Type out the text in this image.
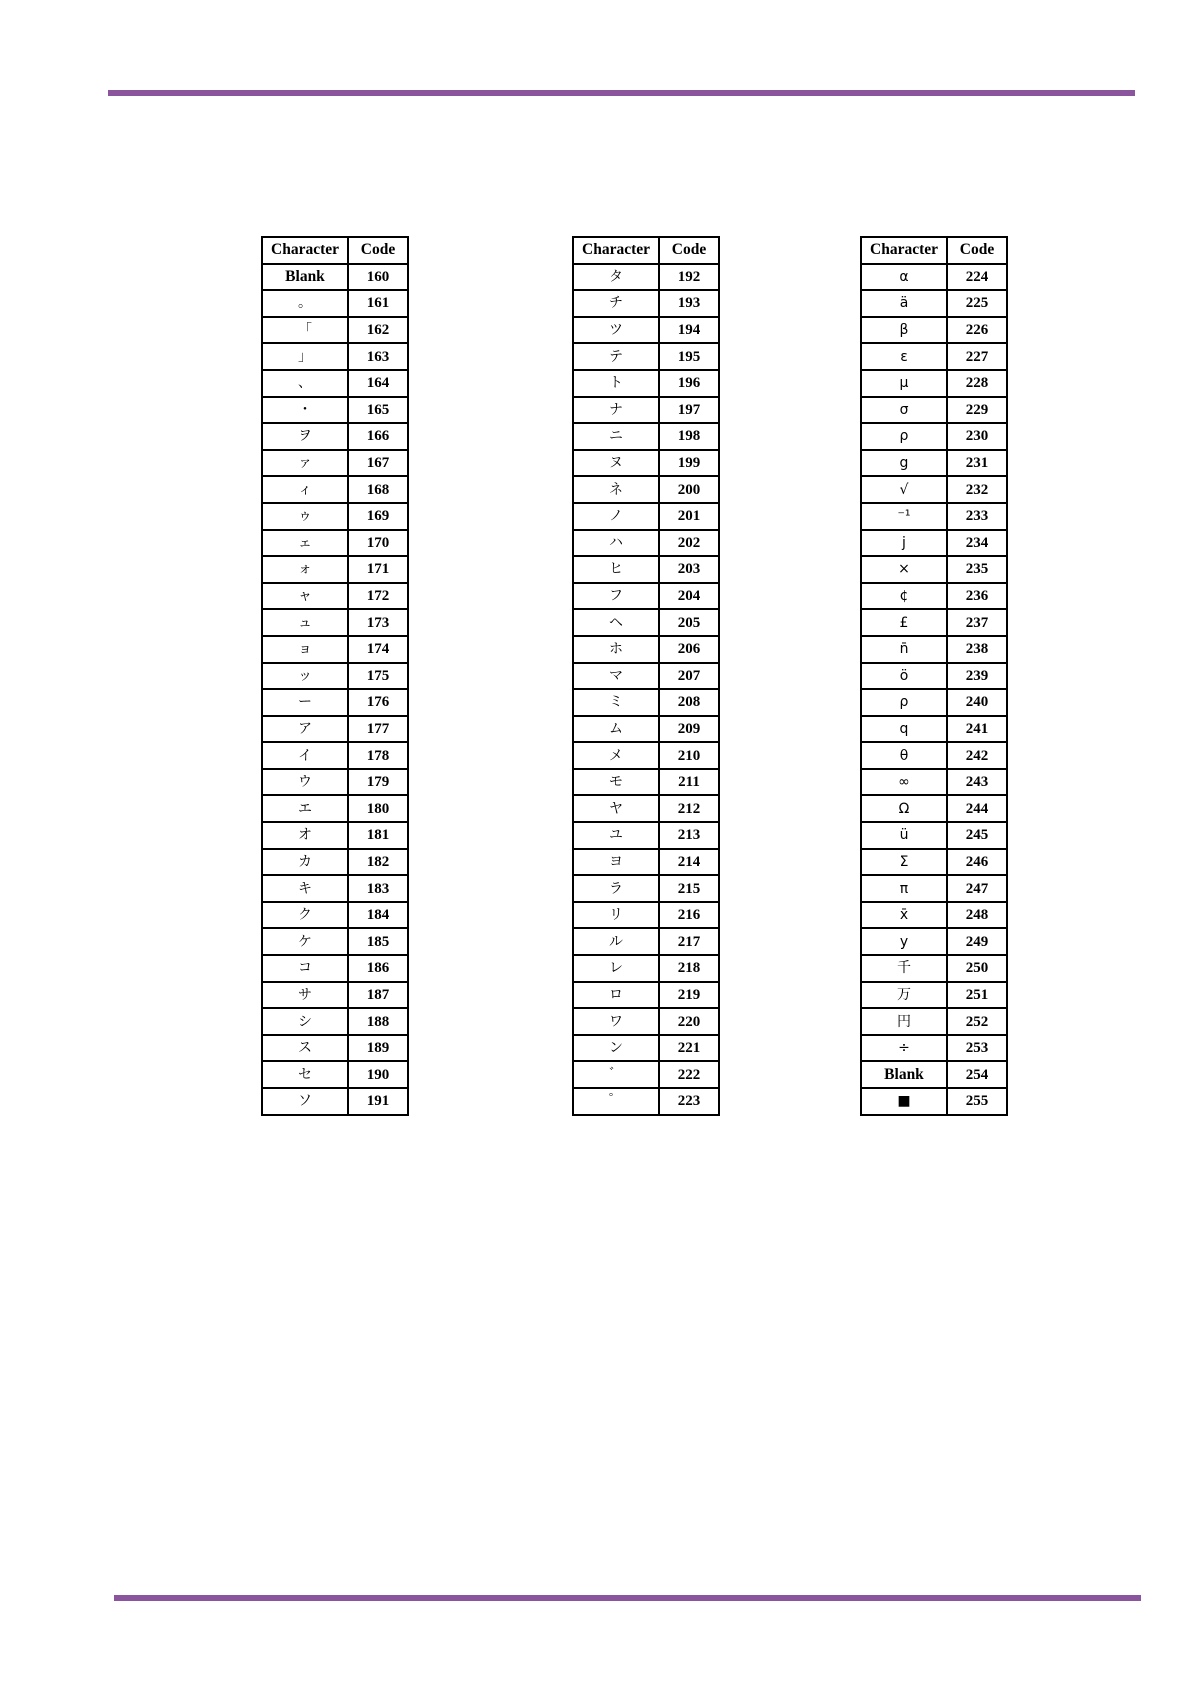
Character	Code
Blank	160
。	161
「	162
」	163
、	164
・	165
ヲ	166
ァ	167
ィ	168
ゥ	169
ェ	170
ォ	171
ャ	172
ュ	173
ョ	174
ッ	175
ー	176
ア	177
イ	178
ウ	179
エ	180
オ	181
カ	182
キ	183
ク	184
ケ	185
コ	186
サ	187
シ	188
ス	189
セ	190
ソ	191
Character	Code
タ	192
チ	193
ツ	194
テ	195
ト	196
ナ	197
ニ	198
ヌ	199
ネ	200
ノ	201
ハ	202
ヒ	203
フ	204
ヘ	205
ホ	206
マ	207
ミ	208
ム	209
メ	210
モ	211
ヤ	212
ユ	213
ヨ	214
ラ	215
リ	216
ル	217
レ	218
ロ	219
ワ	220
ン	221
゛	222
゜	223
Character	Code
α	224
ä	225
β	226
ε	227
μ	228
σ	229
ρ	230
g	231
√	232
⁻¹	233
j	234
×	235
¢	236
£	237
n̄	238
ö	239
ρ	240
q	241
θ	242
∞	243
Ω	244
ü	245
Σ	246
π	247
x̄	248
y	249
千	250
万	251
円	252
÷	253
Blank	254
■	255
